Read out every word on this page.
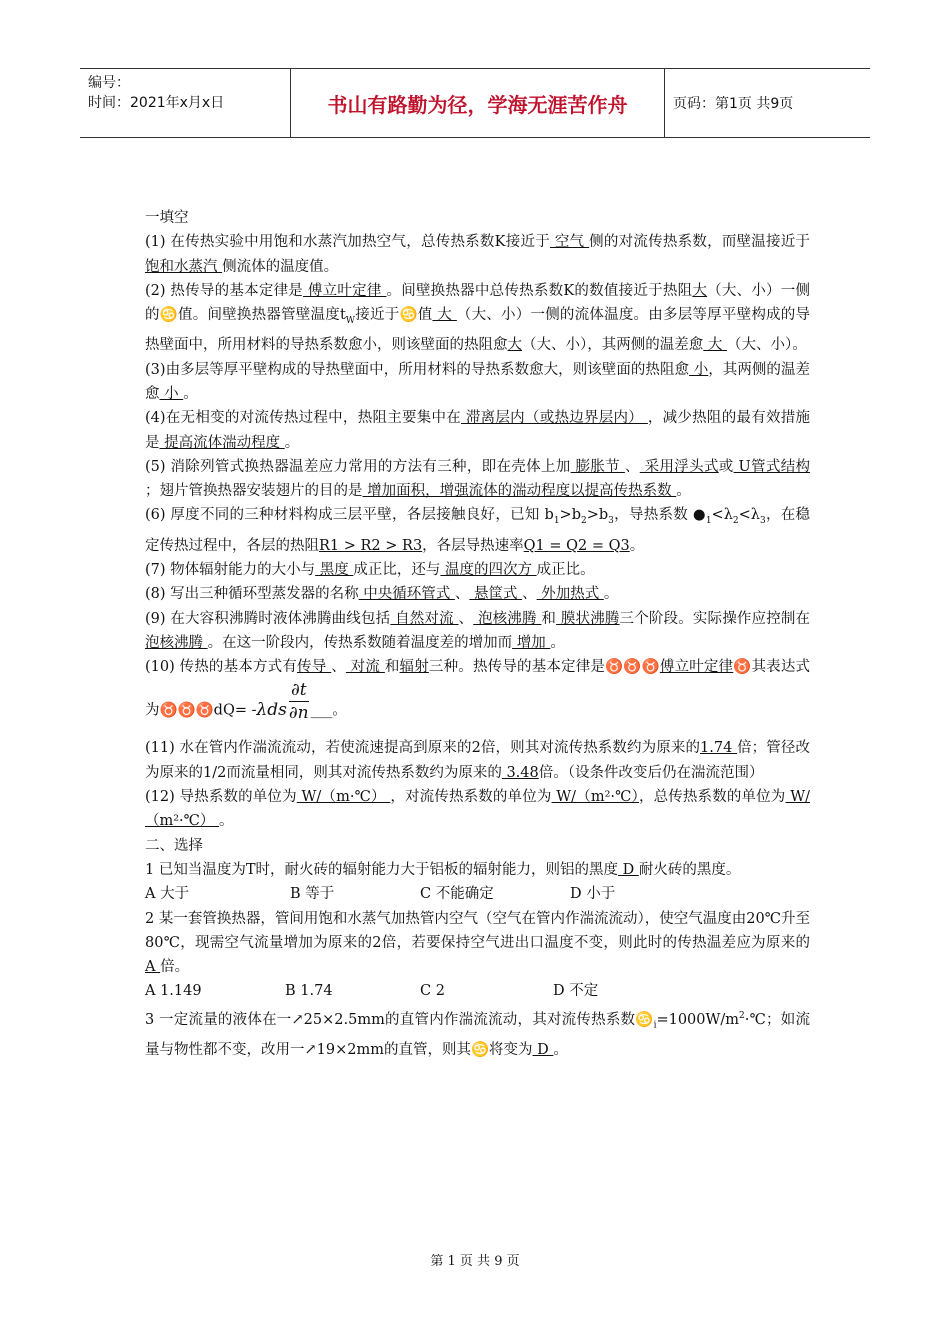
编号：
时间：2021年x月x日	书山有路勤为径，学海无涯苦作舟	页码：第1页 共9页

一填空

(1) 在传热实验中用饱和水蒸汽加热空气，总传热系数K接近于 空气 侧的对流传热系数，而壁温接近于 饱和水蒸汽 侧流体的温度值。

(2) 热传导的基本定律是 傅立叶定律 。间壁换热器中总传热系数K的数值接近于热阻大（大、小）一侧的♋值。间壁换热器管壁温度$t_W$接近于♋值 大 （大、小）一侧的流体温度。由多层等厚平壁构成的导热壁面中，所用材料的导热系数愈小，则该壁面的热阻愈大（大、小），其两侧的温差愈 大 （大、小）。

(3)由多层等厚平壁构成的导热壁面中，所用材料的导热系数愈大，则该壁面的热阻愈 小，其两侧的温差愈 小 。

(4)在无相变的对流传热过程中，热阻主要集中在 滞离层内（或热边界层内） ，减少热阻的最有效措施是 提高流体湍动程度 。

(5) 消除列管式换热器温差应力常用的方法有三种，即在壳体上加 膨胀节 、 采用浮头式或 U管式结构 ；翅片管换热器安装翅片的目的是 增加面积，增强流体的湍动程度以提高传热系数 。

(6) 厚度不同的三种材料构成三层平壁，各层接触良好，已知 $b_1>b_2>b_3$，导热系数 $●_1<\lambda_2<\lambda_3$，在稳定传热过程中，各层的热阻R1 > R2 > R3，各层导热速率Q1 = Q2 = Q3。

(7) 物体辐射能力的大小与 黑度 成正比，还与 温度的四次方 成正比。

(8) 写出三种循环型蒸发器的名称 中央循环管式 、 悬筐式 、 外加热式 。

(9) 在大容积沸腾时液体沸腾曲线包括 自然对流 、 泡核沸腾 和 膜状沸腾三个阶段。实际操作应控制在 泡核沸腾 。在这一阶段内，传热系数随着温度差的增加而 增加 。

(10) 传热的基本方式有传导 、 对流 和辐射三种。热传导的基本定律是♉♉♉傅立叶定律♉其表达式为♉♉♉dQ= - λds $\frac{\partial t}{\partial n}$ ___。

(11) 水在管内作湍流流动，若使流速提高到原来的2倍，则其对流传热系数约为原来的1.74 倍；管径改为原来的1/2而流量相同，则其对流传热系数约为原来的 3.48倍。（设条件改变后仍在湍流范围）

(12) 导热系数的单位为 W/（m·℃） ，对流传热系数的单位为 W/（m²·℃），总传热系数的单位为 W/（m²·℃） 。

二、选择

1 已知当温度为T时，耐火砖的辐射能力大于铝板的辐射能力，则铝的黑度 D 耐火砖的黑度。

A 大于	B 等于	C 不能确定	D 小于

2 某一套管换热器，管间用饱和水蒸气加热管内空气（空气在管内作湍流流动），使空气温度由20℃升至80℃，现需空气流量增加为原来的2倍，若要保持空气进出口温度不变，则此时的传热温差应为原来的 A 倍。

A 1.149	B 1.74	C 2	D 不定

3 一定流量的液体在一↗25×2.5mm的直管内作湍流流动，其对流传热系数$♋_i=1000W/m^2\cdot℃$；如流量与物性都不变，改用一↗19×2mm的直管，则其♋将变为 D 。

第 1 页 共 9 页
